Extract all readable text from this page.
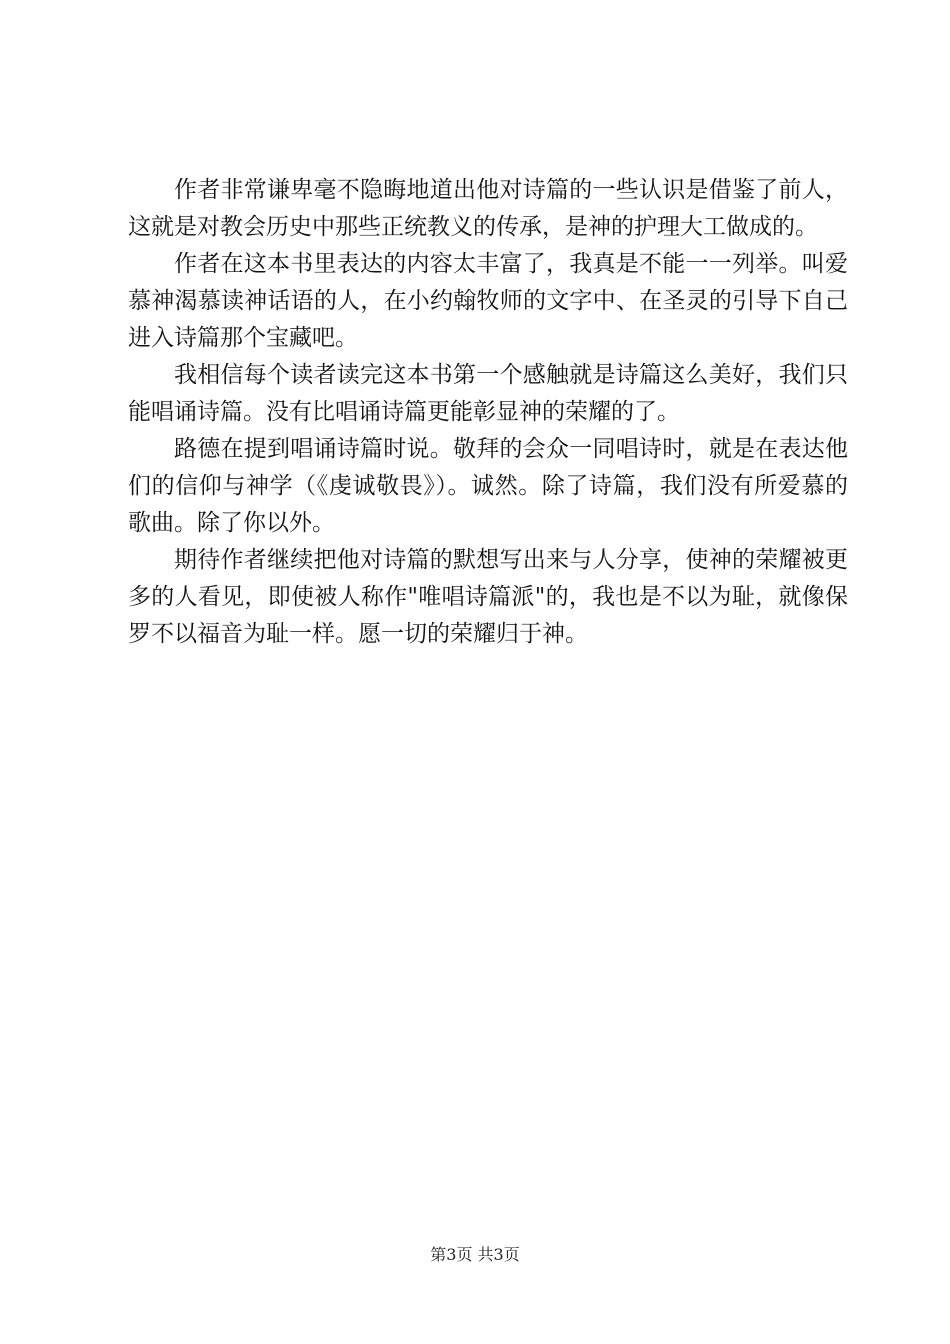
作者非常谦卑毫不隐晦地道出他对诗篇的一些认识是借鉴了前人，这就是对教会历史中那些正统教义的传承，是神的护理大工做成的。

作者在这本书里表达的内容太丰富了，我真是不能一一列举。叫爱慕神渴慕读神话语的人，在小约翰牧师的文字中、在圣灵的引导下自己进入诗篇那个宝藏吧。

我相信每个读者读完这本书第一个感触就是诗篇这么美好，我们只能唱诵诗篇。没有比唱诵诗篇更能彰显神的荣耀的了。

路德在提到唱诵诗篇时说。敬拜的会众一同唱诗时，就是在表达他们的信仰与神学（《虔诚敬畏》）。诚然。除了诗篇，我们没有所爱慕的歌曲。除了你以外。

期待作者继续把他对诗篇的默想写出来与人分享，使神的荣耀被更多的人看见，即使被人称作"唯唱诗篇派"的，我也是不以为耻，就像保罗不以福音为耻一样。愿一切的荣耀归于神。

第3页 共3页
